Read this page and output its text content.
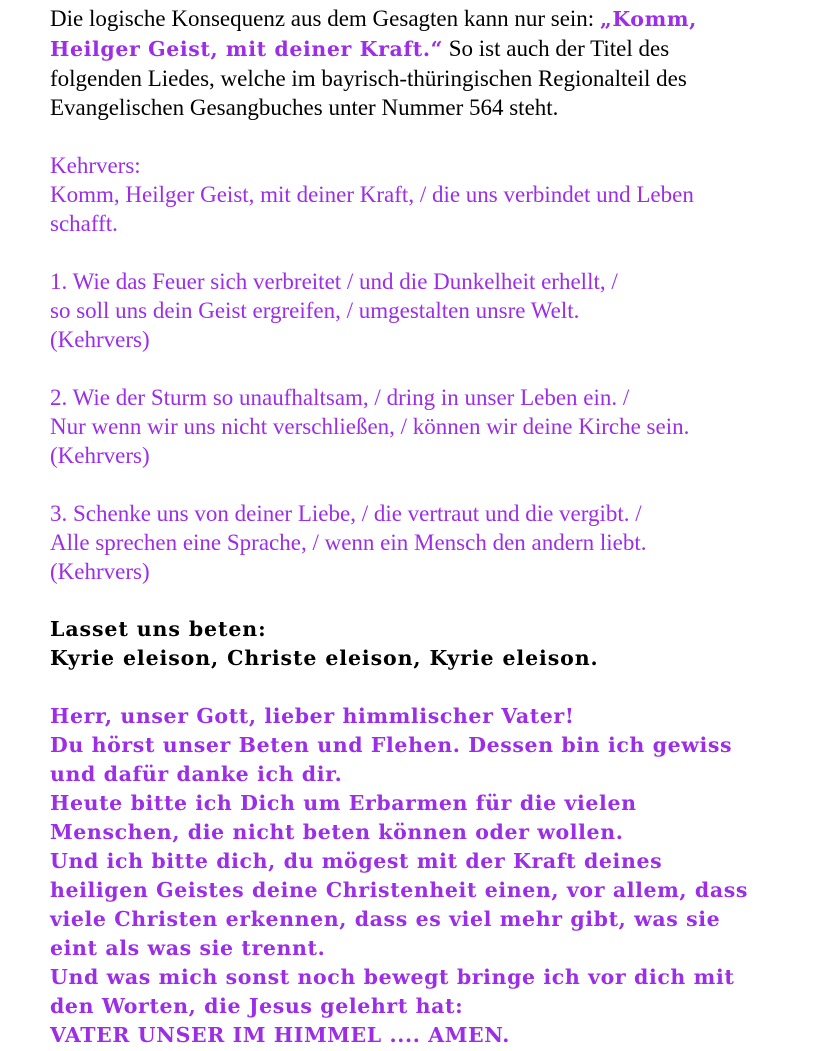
Die logische Konsequenz aus dem Gesagten kann nur sein: „Komm,
Heilger Geist, mit deiner Kraft.“ So ist auch der Titel des
folgenden Liedes, welche im bayrisch-thüringischen Regionalteil des
Evangelischen Gesangbuches unter Nummer 564 steht.
Kehrvers:
Komm, Heilger Geist, mit deiner Kraft, / die uns verbindet und Leben
schafft.
1. Wie das Feuer sich verbreitet / und die Dunkelheit erhellt, /
so soll uns dein Geist ergreifen, / umgestalten unsre Welt.
(Kehrvers)
2. Wie der Sturm so unaufhaltsam, / dring in unser Leben ein. /
Nur wenn wir uns nicht verschließen, / können wir deine Kirche sein.
(Kehrvers)
3. Schenke uns von deiner Liebe, / die vertraut und die vergibt. /
Alle sprechen eine Sprache, / wenn ein Mensch den andern liebt.
(Kehrvers)
Lasset uns beten:
Kyrie eleison, Christe eleison, Kyrie eleison.
Herr, unser Gott, lieber himmlischer Vater!
Du hörst unser Beten und Flehen. Dessen bin ich gewiss
und dafür danke ich dir.
Heute bitte ich Dich um Erbarmen für die vielen
Menschen, die nicht beten können oder wollen.
Und ich bitte dich, du mögest mit der Kraft deines
heiligen Geistes deine Christenheit einen, vor allem, dass
viele Christen erkennen, dass es viel mehr gibt, was sie
eint als was sie trennt.
Und was mich sonst noch bewegt bringe ich vor dich mit
den Worten, die Jesus gelehrt hat:
VATER UNSER IM HIMMEL .... AMEN.
